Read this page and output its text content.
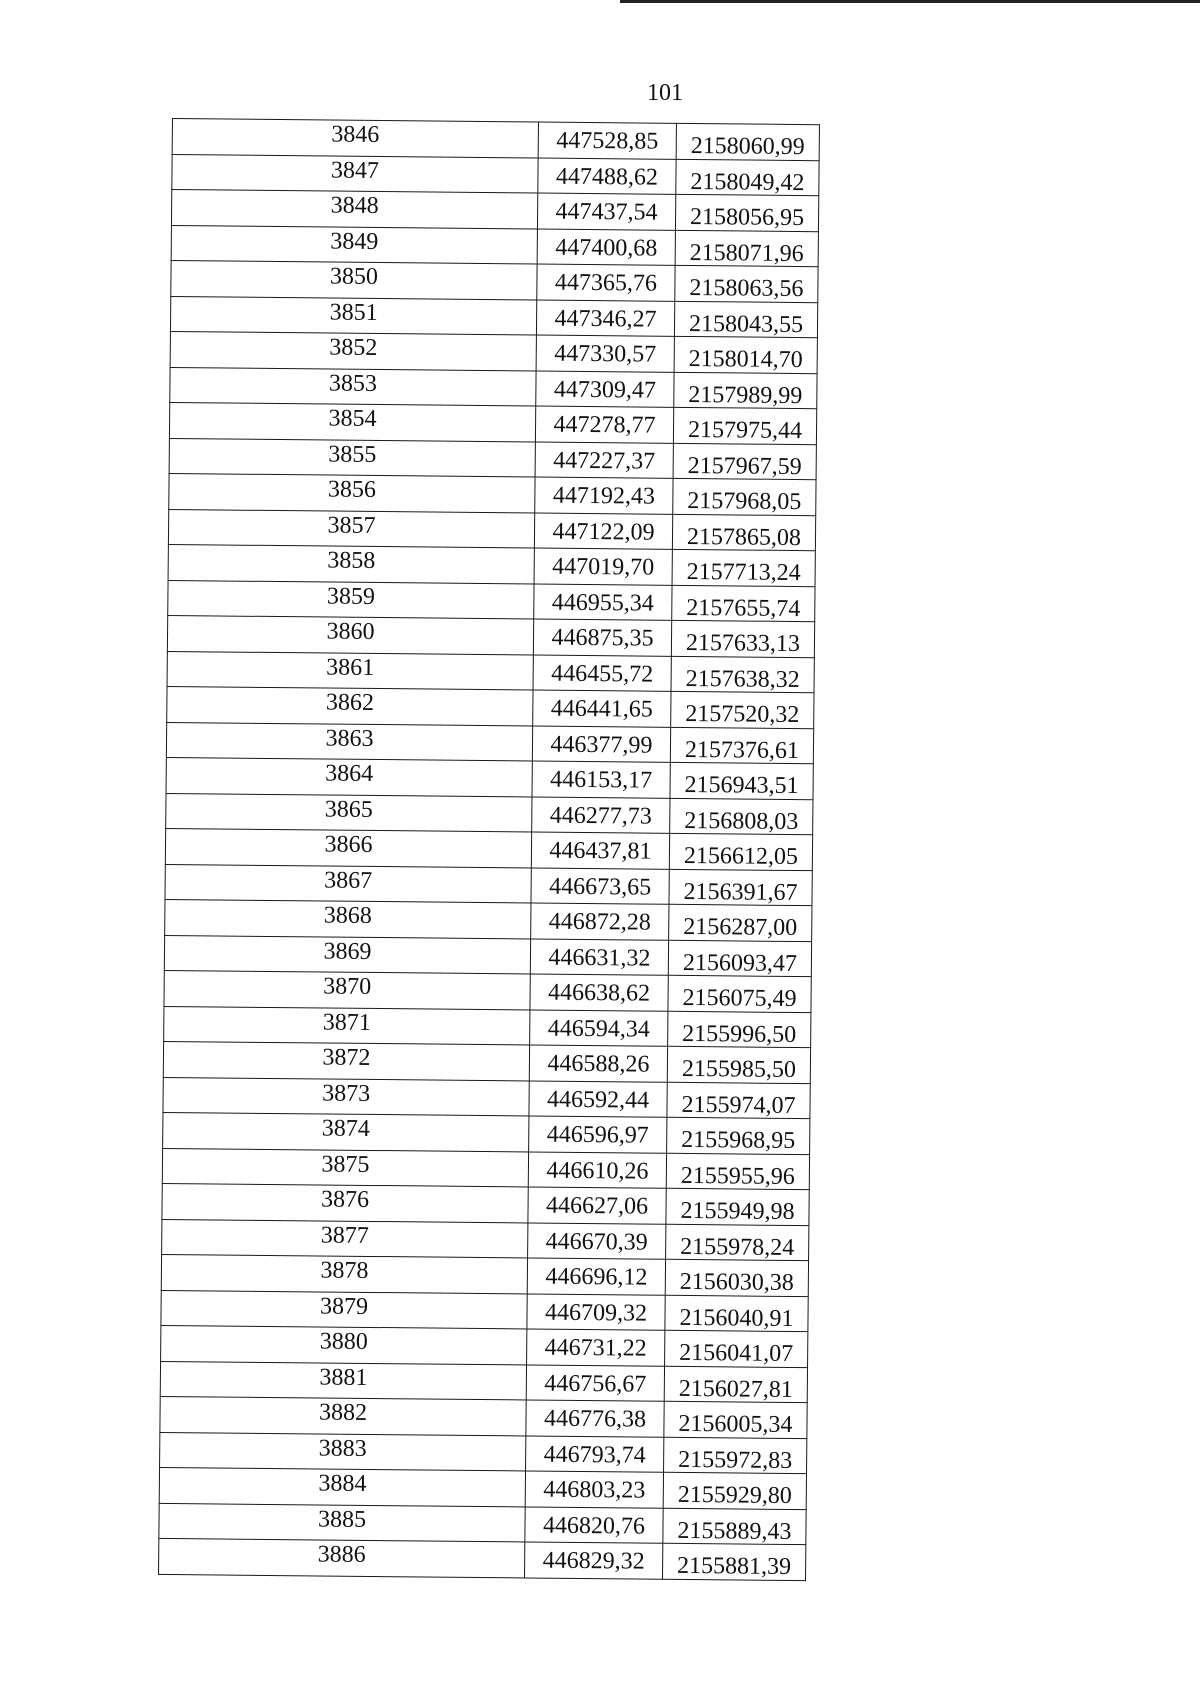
101
3846	447528,85	2158060,99
3847	447488,62	2158049,42
3848	447437,54	2158056,95
3849	447400,68	2158071,96
3850	447365,76	2158063,56
3851	447346,27	2158043,55
3852	447330,57	2158014,70
3853	447309,47	2157989,99
3854	447278,77	2157975,44
3855	447227,37	2157967,59
3856	447192,43	2157968,05
3857	447122,09	2157865,08
3858	447019,70	2157713,24
3859	446955,34	2157655,74
3860	446875,35	2157633,13
3861	446455,72	2157638,32
3862	446441,65	2157520,32
3863	446377,99	2157376,61
3864	446153,17	2156943,51
3865	446277,73	2156808,03
3866	446437,81	2156612,05
3867	446673,65	2156391,67
3868	446872,28	2156287,00
3869	446631,32	2156093,47
3870	446638,62	2156075,49
3871	446594,34	2155996,50
3872	446588,26	2155985,50
3873	446592,44	2155974,07
3874	446596,97	2155968,95
3875	446610,26	2155955,96
3876	446627,06	2155949,98
3877	446670,39	2155978,24
3878	446696,12	2156030,38
3879	446709,32	2156040,91
3880	446731,22	2156041,07
3881	446756,67	2156027,81
3882	446776,38	2156005,34
3883	446793,74	2155972,83
3884	446803,23	2155929,80
3885	446820,76	2155889,43
3886	446829,32	2155881,39
